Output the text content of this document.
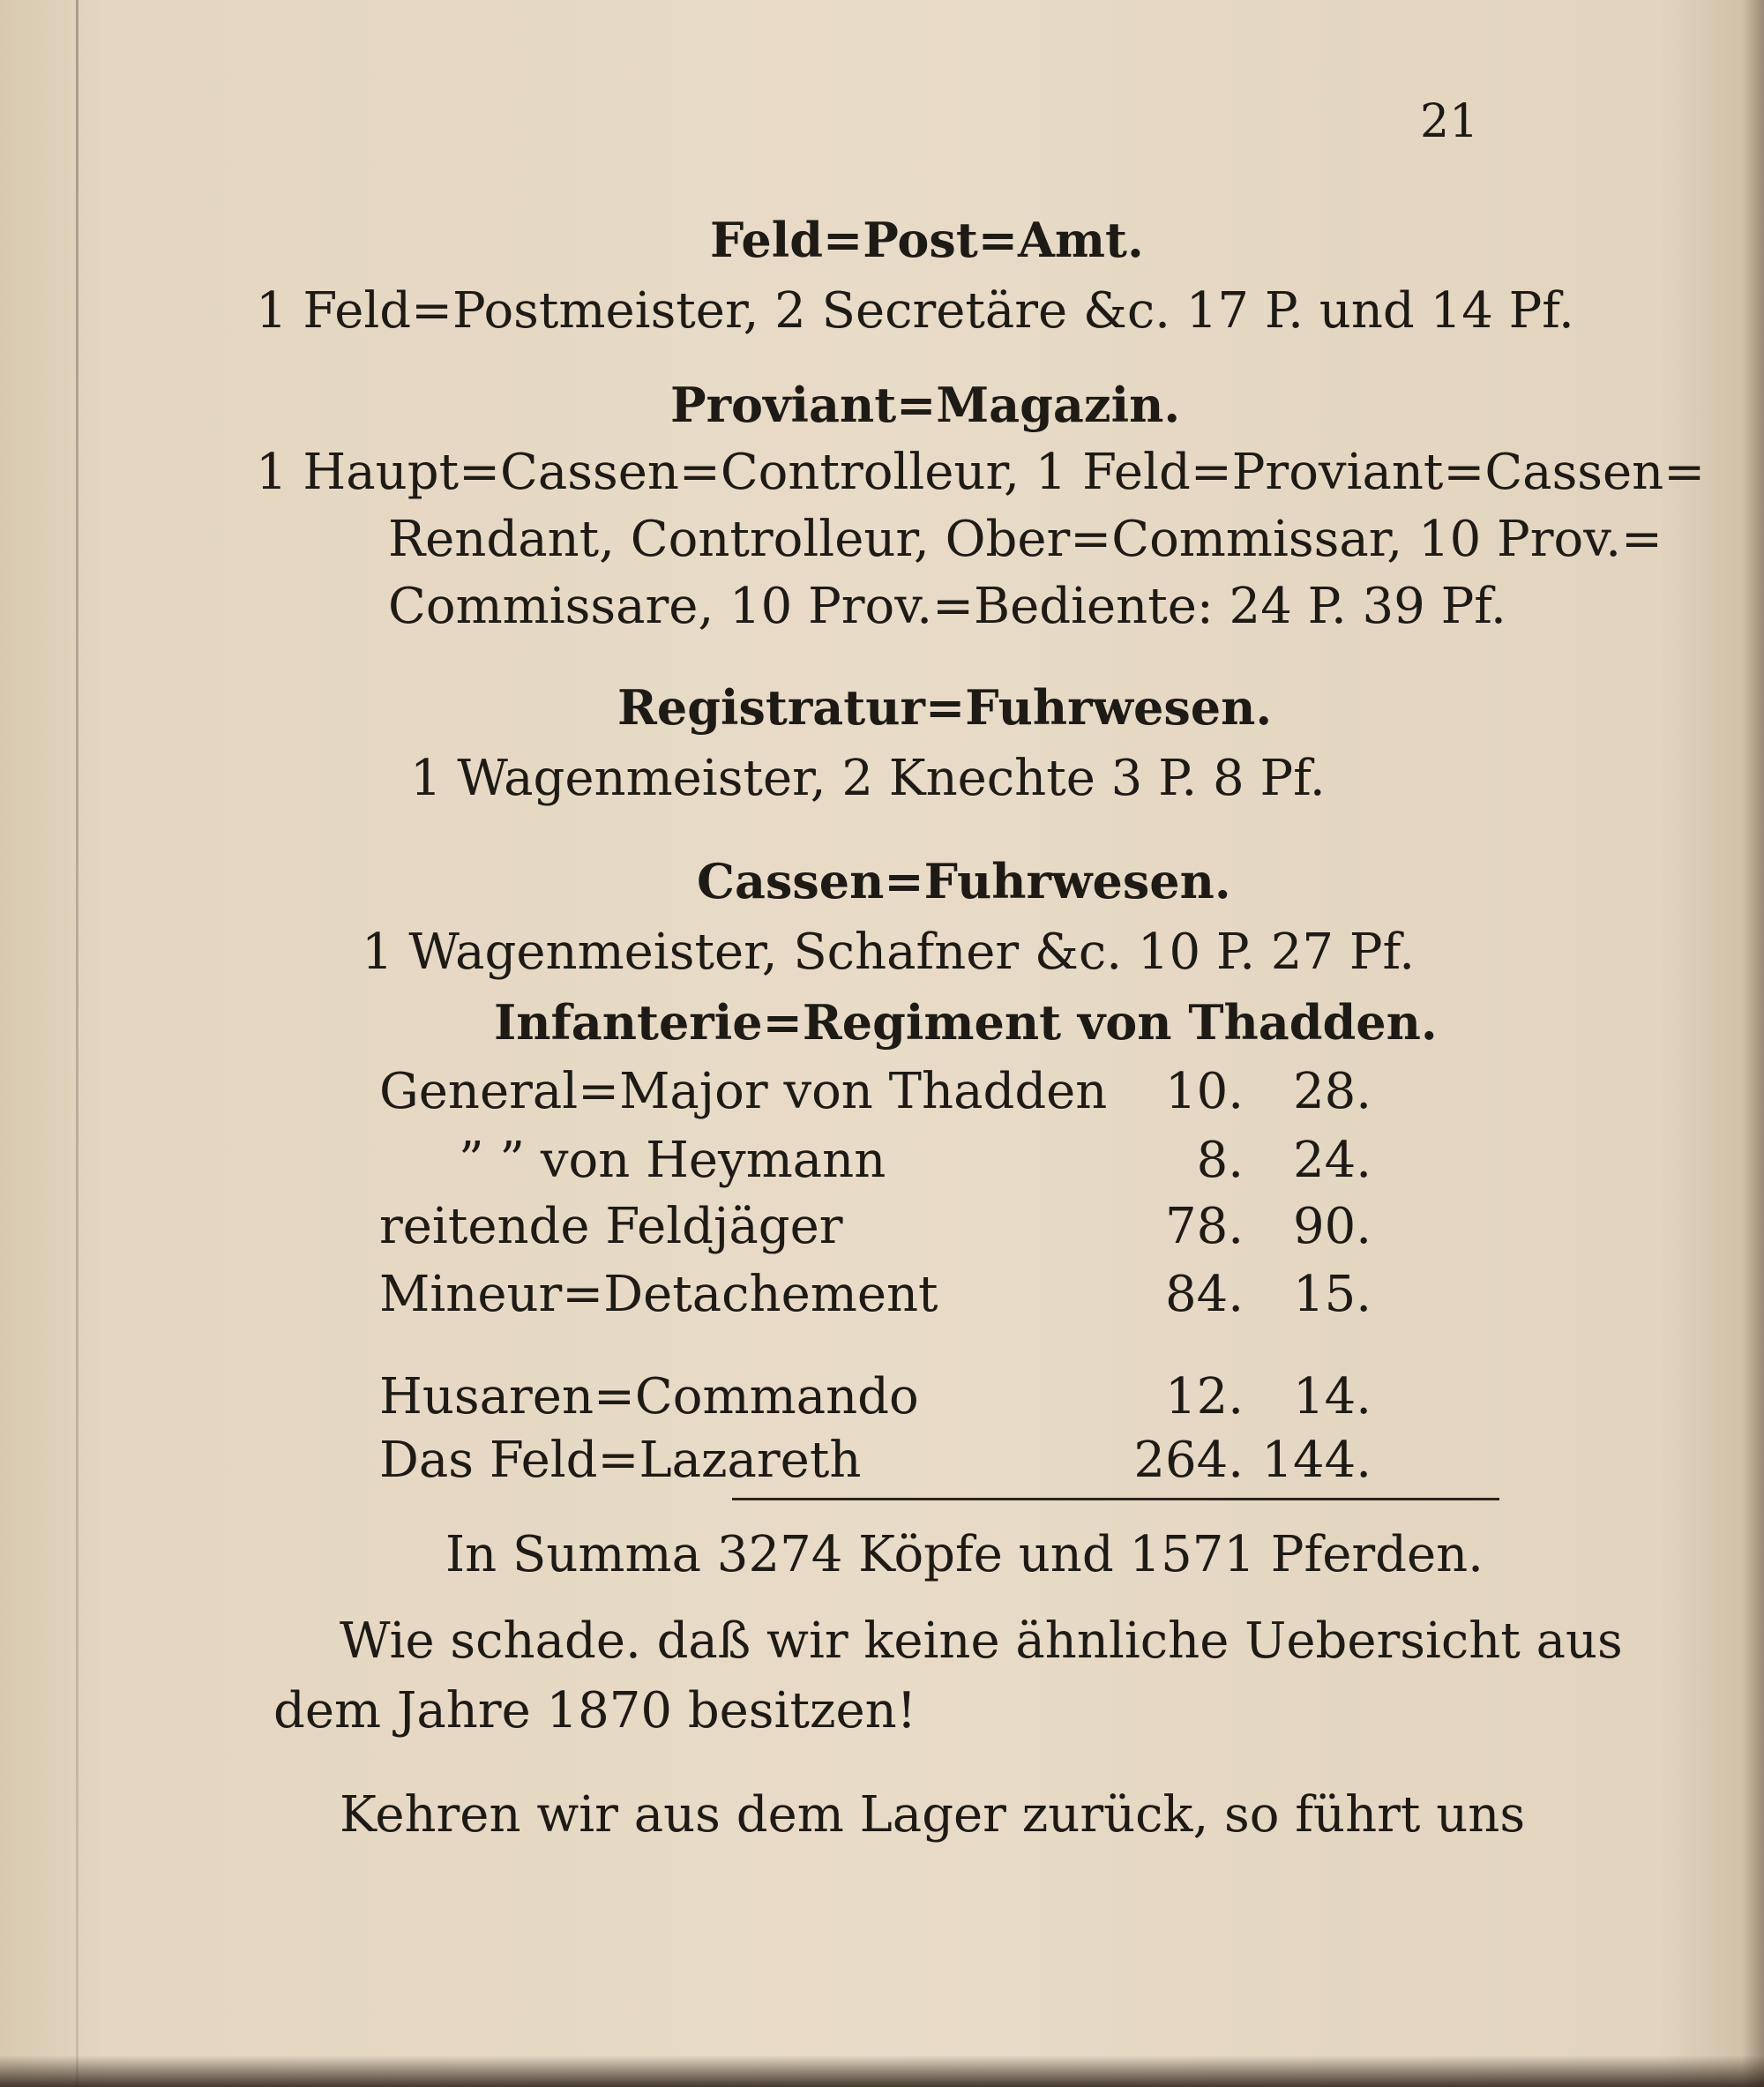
21
Feld=Post=Amt.
1 Feld=Postmeister, 2 Secretäre &c. 17 P. und 14 Pf.
Proviant=Magazin.
1 Haupt=Cassen=Controlleur, 1 Feld=Proviant=Cassen=
Rendant, Controlleur, Ober=Commissar, 10 Prov.=
Commissare, 10 Prov.=Bediente: 24 P. 39 Pf.
Registratur=Fuhrwesen.
1 Wagenmeister, 2 Knechte 3 P. 8 Pf.
Cassen=Fuhrwesen.
1 Wagenmeister, Schafner &c. 10 P. 27 Pf.
Infanterie=Regiment von Thadden.
General=Major von Thadden	10. 28.
” ” von Heymann	8. 24.
reitende Feldjäger	78. 90.
Mineur=Detachement	84. 15.
Husaren=Commando	12. 14.
Das Feld=Lazareth	264. 144.
In Summa 3274 Köpfe und 1571 Pferden.
Wie schade. daß wir keine ähnliche Uebersicht aus
dem Jahre 1870 besitzen!
Kehren wir aus dem Lager zurück, so führt uns
